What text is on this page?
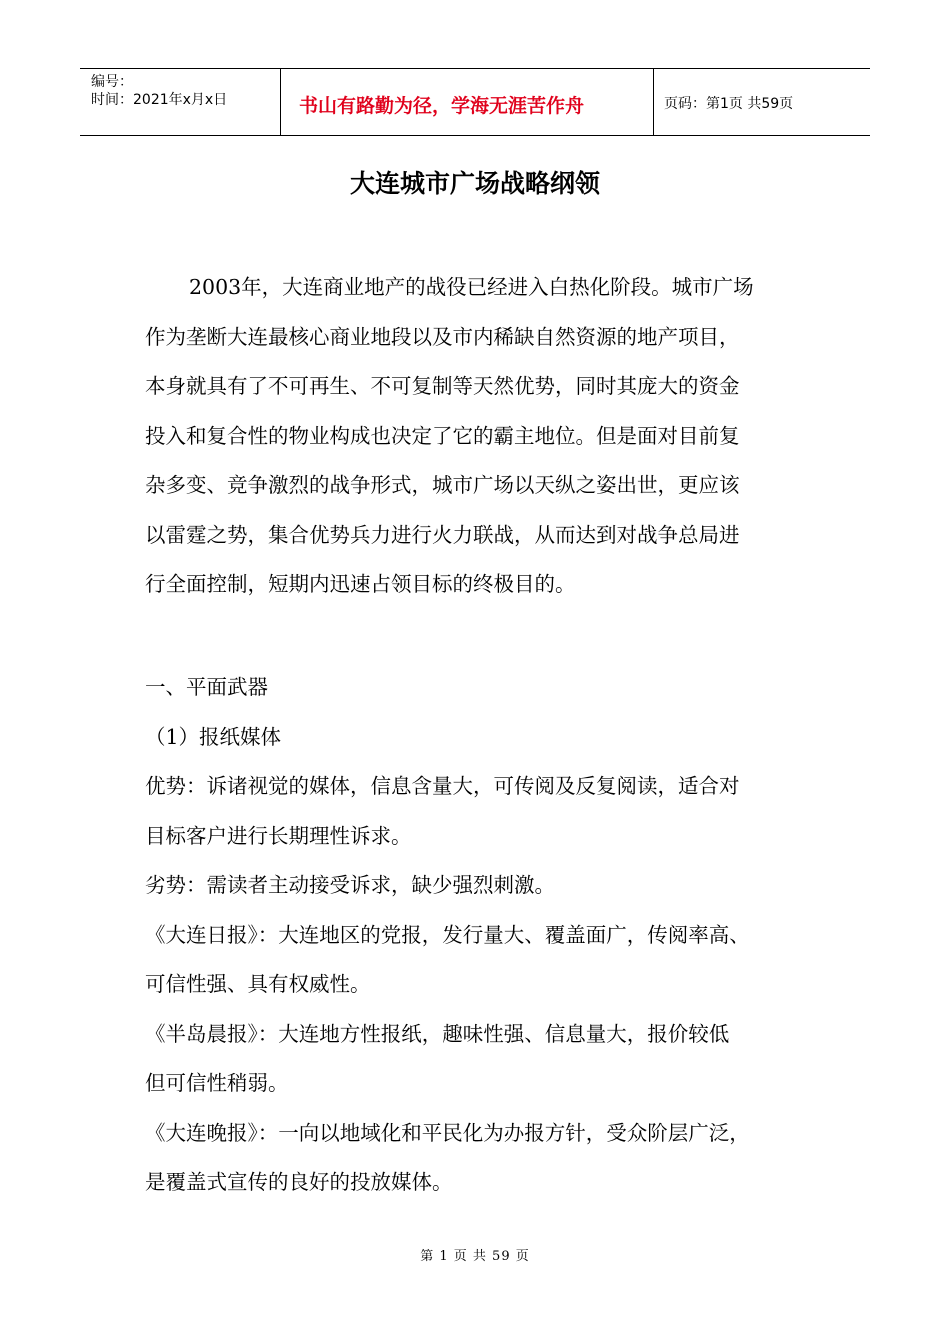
编号：
时间：2021年x月x日	书山有路勤为径，学海无涯苦作舟	页码：第1页 共59页
大连城市广场战略纲领
2003年，大连商业地产的战役已经进入白热化阶段。城市广场
作为垄断大连最核心商业地段以及市内稀缺自然资源的地产项目，
本身就具有了不可再生、不可复制等天然优势，同时其庞大的资金
投入和复合性的物业构成也决定了它的霸主地位。但是面对目前复
杂多变、竞争激烈的战争形式，城市广场以天纵之姿出世，更应该
以雷霆之势，集合优势兵力进行火力联战，从而达到对战争总局进
行全面控制，短期内迅速占领目标的终极目的。
一、平面武器
（1）报纸媒体
优势：诉诸视觉的媒体，信息含量大，可传阅及反复阅读，适合对
目标客户进行长期理性诉求。
劣势：需读者主动接受诉求，缺少强烈刺激。
《大连日报》：大连地区的党报，发行量大、覆盖面广，传阅率高、
可信性强、具有权威性。
《半岛晨报》：大连地方性报纸，趣味性强、信息量大，报价较低
但可信性稍弱。
《大连晚报》：一向以地域化和平民化为办报方针，受众阶层广泛，
是覆盖式宣传的良好的投放媒体。
第 1 页 共 59 页
